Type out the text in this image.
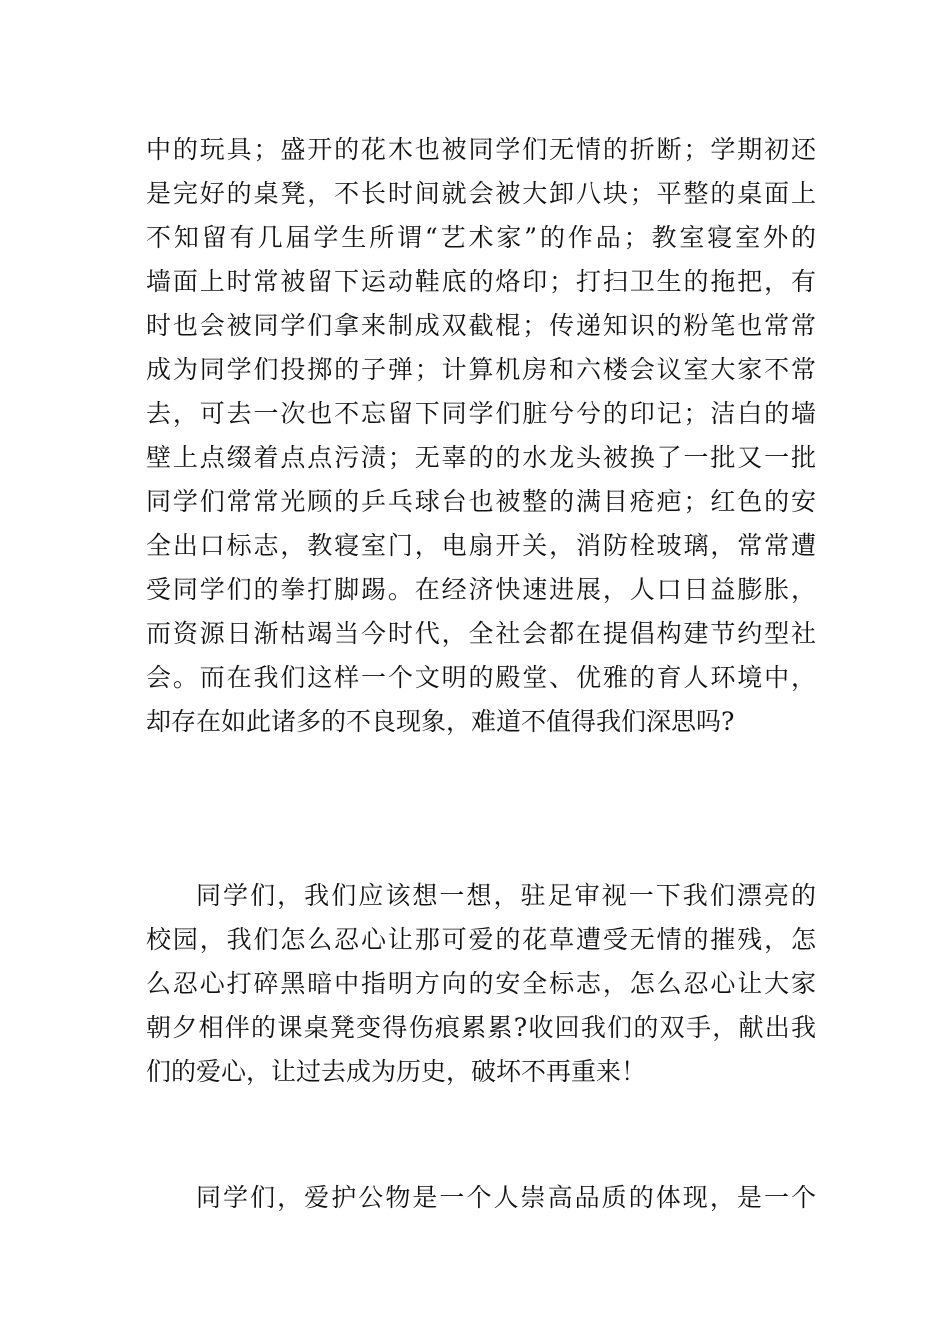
中的玩具；盛开的花木也被同学们无情的折断；学期初还
是完好的桌凳，不长时间就会被大卸八块；平整的桌面上
不知留有几届学生所谓“艺术家”的作品；教室寝室外的
墙面上时常被留下运动鞋底的烙印；打扫卫生的拖把，有
时也会被同学们拿来制成双截棍；传递知识的粉笔也常常
成为同学们投掷的子弹；计算机房和六楼会议室大家不常
去，可去一次也不忘留下同学们脏兮兮的印记；洁白的墙
壁上点缀着点点污渍；无辜的的水龙头被换了一批又一批
同学们常常光顾的乒乓球台也被整的满目疮疤；红色的安
全出口标志，教寝室门，电扇开关，消防栓玻璃，常常遭
受同学们的拳打脚踢。在经济快速进展，人口日益膨胀，
而资源日渐枯竭当今时代，全社会都在提倡构建节约型社
会。而在我们这样一个文明的殿堂、优雅的育人环境中，
却存在如此诸多的不良现象，难道不值得我们深思吗?
同学们，我们应该想一想，驻足审视一下我们漂亮的
校园，我们怎么忍心让那可爱的花草遭受无情的摧残，怎
么忍心打碎黑暗中指明方向的安全标志，怎么忍心让大家
朝夕相伴的课桌凳变得伤痕累累?收回我们的双手，献出我
们的爱心，让过去成为历史，破坏不再重来！
同学们，爱护公物是一个人崇高品质的体现，是一个
